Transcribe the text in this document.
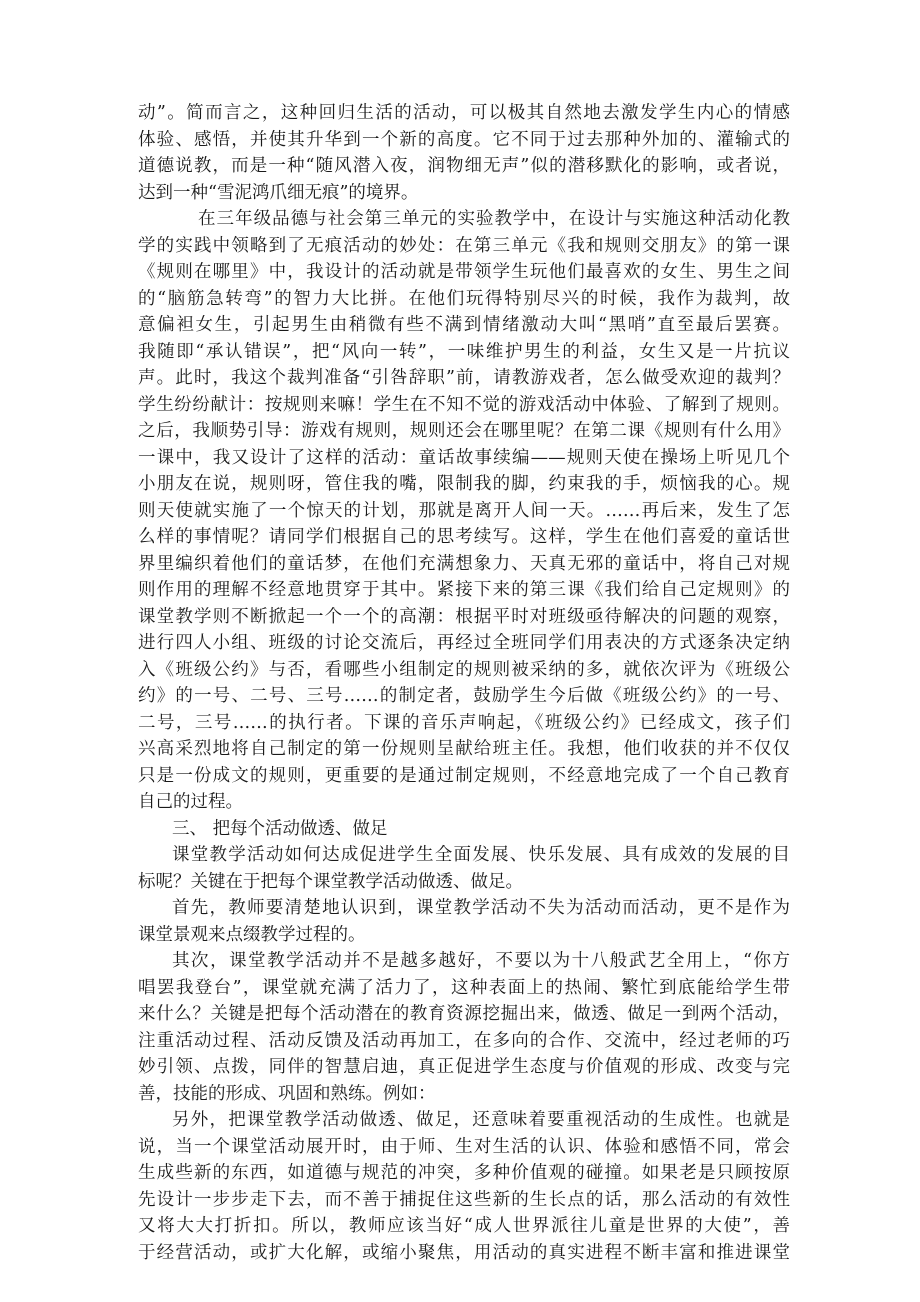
动”。简而言之，这种回归生活的活动，可以极其自然地去激发学生内心的情感
体验、感悟，并使其升华到一个新的高度。它不同于过去那种外加的、灌输式的
道德说教，而是一种“随风潜入夜，润物细无声”似的潜移默化的影响，或者说，
达到一种“雪泥鸿爪细无痕”的境界。
在三年级品德与社会第三单元的实验教学中，在设计与实施这种活动化教
学的实践中领略到了无痕活动的妙处：在第三单元《我和规则交朋友》的第一课
《规则在哪里》中，我设计的活动就是带领学生玩他们最喜欢的女生、男生之间
的“脑筋急转弯”的智力大比拼。在他们玩得特别尽兴的时候，我作为裁判，故
意偏袒女生，引起男生由稍微有些不满到情绪激动大叫“黑哨”直至最后罢赛。
我随即“承认错误”，把“风向一转”，一味维护男生的利益，女生又是一片抗议
声。此时，我这个裁判准备“引咎辞职”前，请教游戏者，怎么做受欢迎的裁判？
学生纷纷献计：按规则来嘛！学生在不知不觉的游戏活动中体验、了解到了规则。
之后，我顺势引导：游戏有规则，规则还会在哪里呢？在第二课《规则有什么用》
一课中，我又设计了这样的活动：童话故事续编——规则天使在操场上听见几个
小朋友在说，规则呀，管住我的嘴，限制我的脚，约束我的手，烦恼我的心。规
则天使就实施了一个惊天的计划，那就是离开人间一天。……再后来，发生了怎
么样的事情呢？请同学们根据自己的思考续写。这样，学生在他们喜爱的童话世
界里编织着他们的童话梦，在他们充满想象力、天真无邪的童话中，将自己对规
则作用的理解不经意地贯穿于其中。紧接下来的第三课《我们给自己定规则》的
课堂教学则不断掀起一个一个的高潮：根据平时对班级亟待解决的问题的观察，
进行四人小组、班级的讨论交流后，再经过全班同学们用表决的方式逐条决定纳
入《班级公约》与否，看哪些小组制定的规则被采纳的多，就依次评为《班级公
约》的一号、二号、三号……的制定者，鼓励学生今后做《班级公约》的一号、
二号，三号……的执行者。下课的音乐声响起，《班级公约》已经成文，孩子们
兴高采烈地将自己制定的第一份规则呈献给班主任。我想，他们收获的并不仅仅
只是一份成文的规则，更重要的是通过制定规则，不经意地完成了一个自己教育
自己的过程。
三、 把每个活动做透、做足
课堂教学活动如何达成促进学生全面发展、快乐发展、具有成效的发展的目
标呢？关键在于把每个课堂教学活动做透、做足。
首先，教师要清楚地认识到，课堂教学活动不失为活动而活动，更不是作为
课堂景观来点缀教学过程的。
其次，课堂教学活动并不是越多越好，不要以为十八般武艺全用上，“你方
唱罢我登台”，课堂就充满了活力了，这种表面上的热闹、繁忙到底能给学生带
来什么？关键是把每个活动潜在的教育资源挖掘出来，做透、做足一到两个活动，
注重活动过程、活动反馈及活动再加工，在多向的合作、交流中，经过老师的巧
妙引领、点拨，同伴的智慧启迪，真正促进学生态度与价值观的形成、改变与完
善，技能的形成、巩固和熟练。例如：
另外，把课堂教学活动做透、做足，还意味着要重视活动的生成性。也就是
说，当一个课堂活动展开时，由于师、生对生活的认识、体验和感悟不同，常会
生成些新的东西，如道德与规范的冲突，多种价值观的碰撞。如果老是只顾按原
先设计一步步走下去，而不善于捕捉住这些新的生长点的话，那么活动的有效性
又将大大打折扣。所以，教师应该当好“成人世界派往儿童是世界的大使”，善
于经营活动，或扩大化解，或缩小聚焦，用活动的真实进程不断丰富和推进课堂
